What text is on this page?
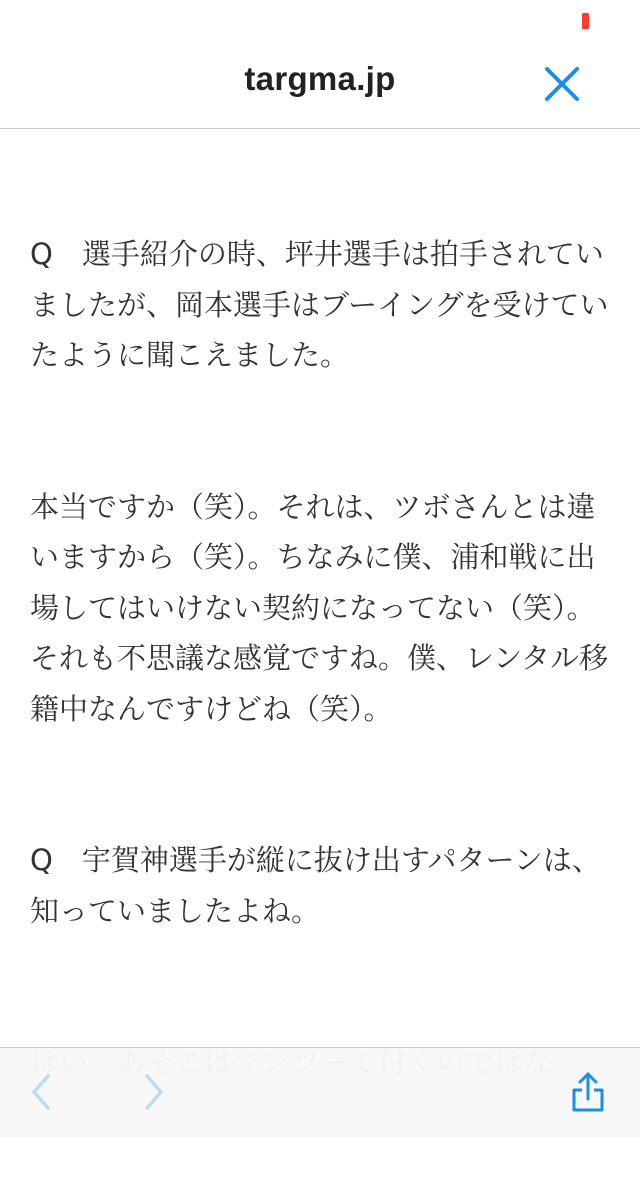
targma.jp

Q　選手紹介の時、坪井選手は拍手されていましたが、岡本選手はブーイングを受けていたように聞こえました。

本当ですか（笑）。それは、ツボさんとは違いますから（笑）。ちなみに僕、浦和戦に出場してはいけない契約になってない（笑）。それも不思議な感覚ですね。僕、レンタル移籍中なんですけどね（笑）。

Q　宇賀神選手が縦に抜け出すパターンは、知っていましたよね。
